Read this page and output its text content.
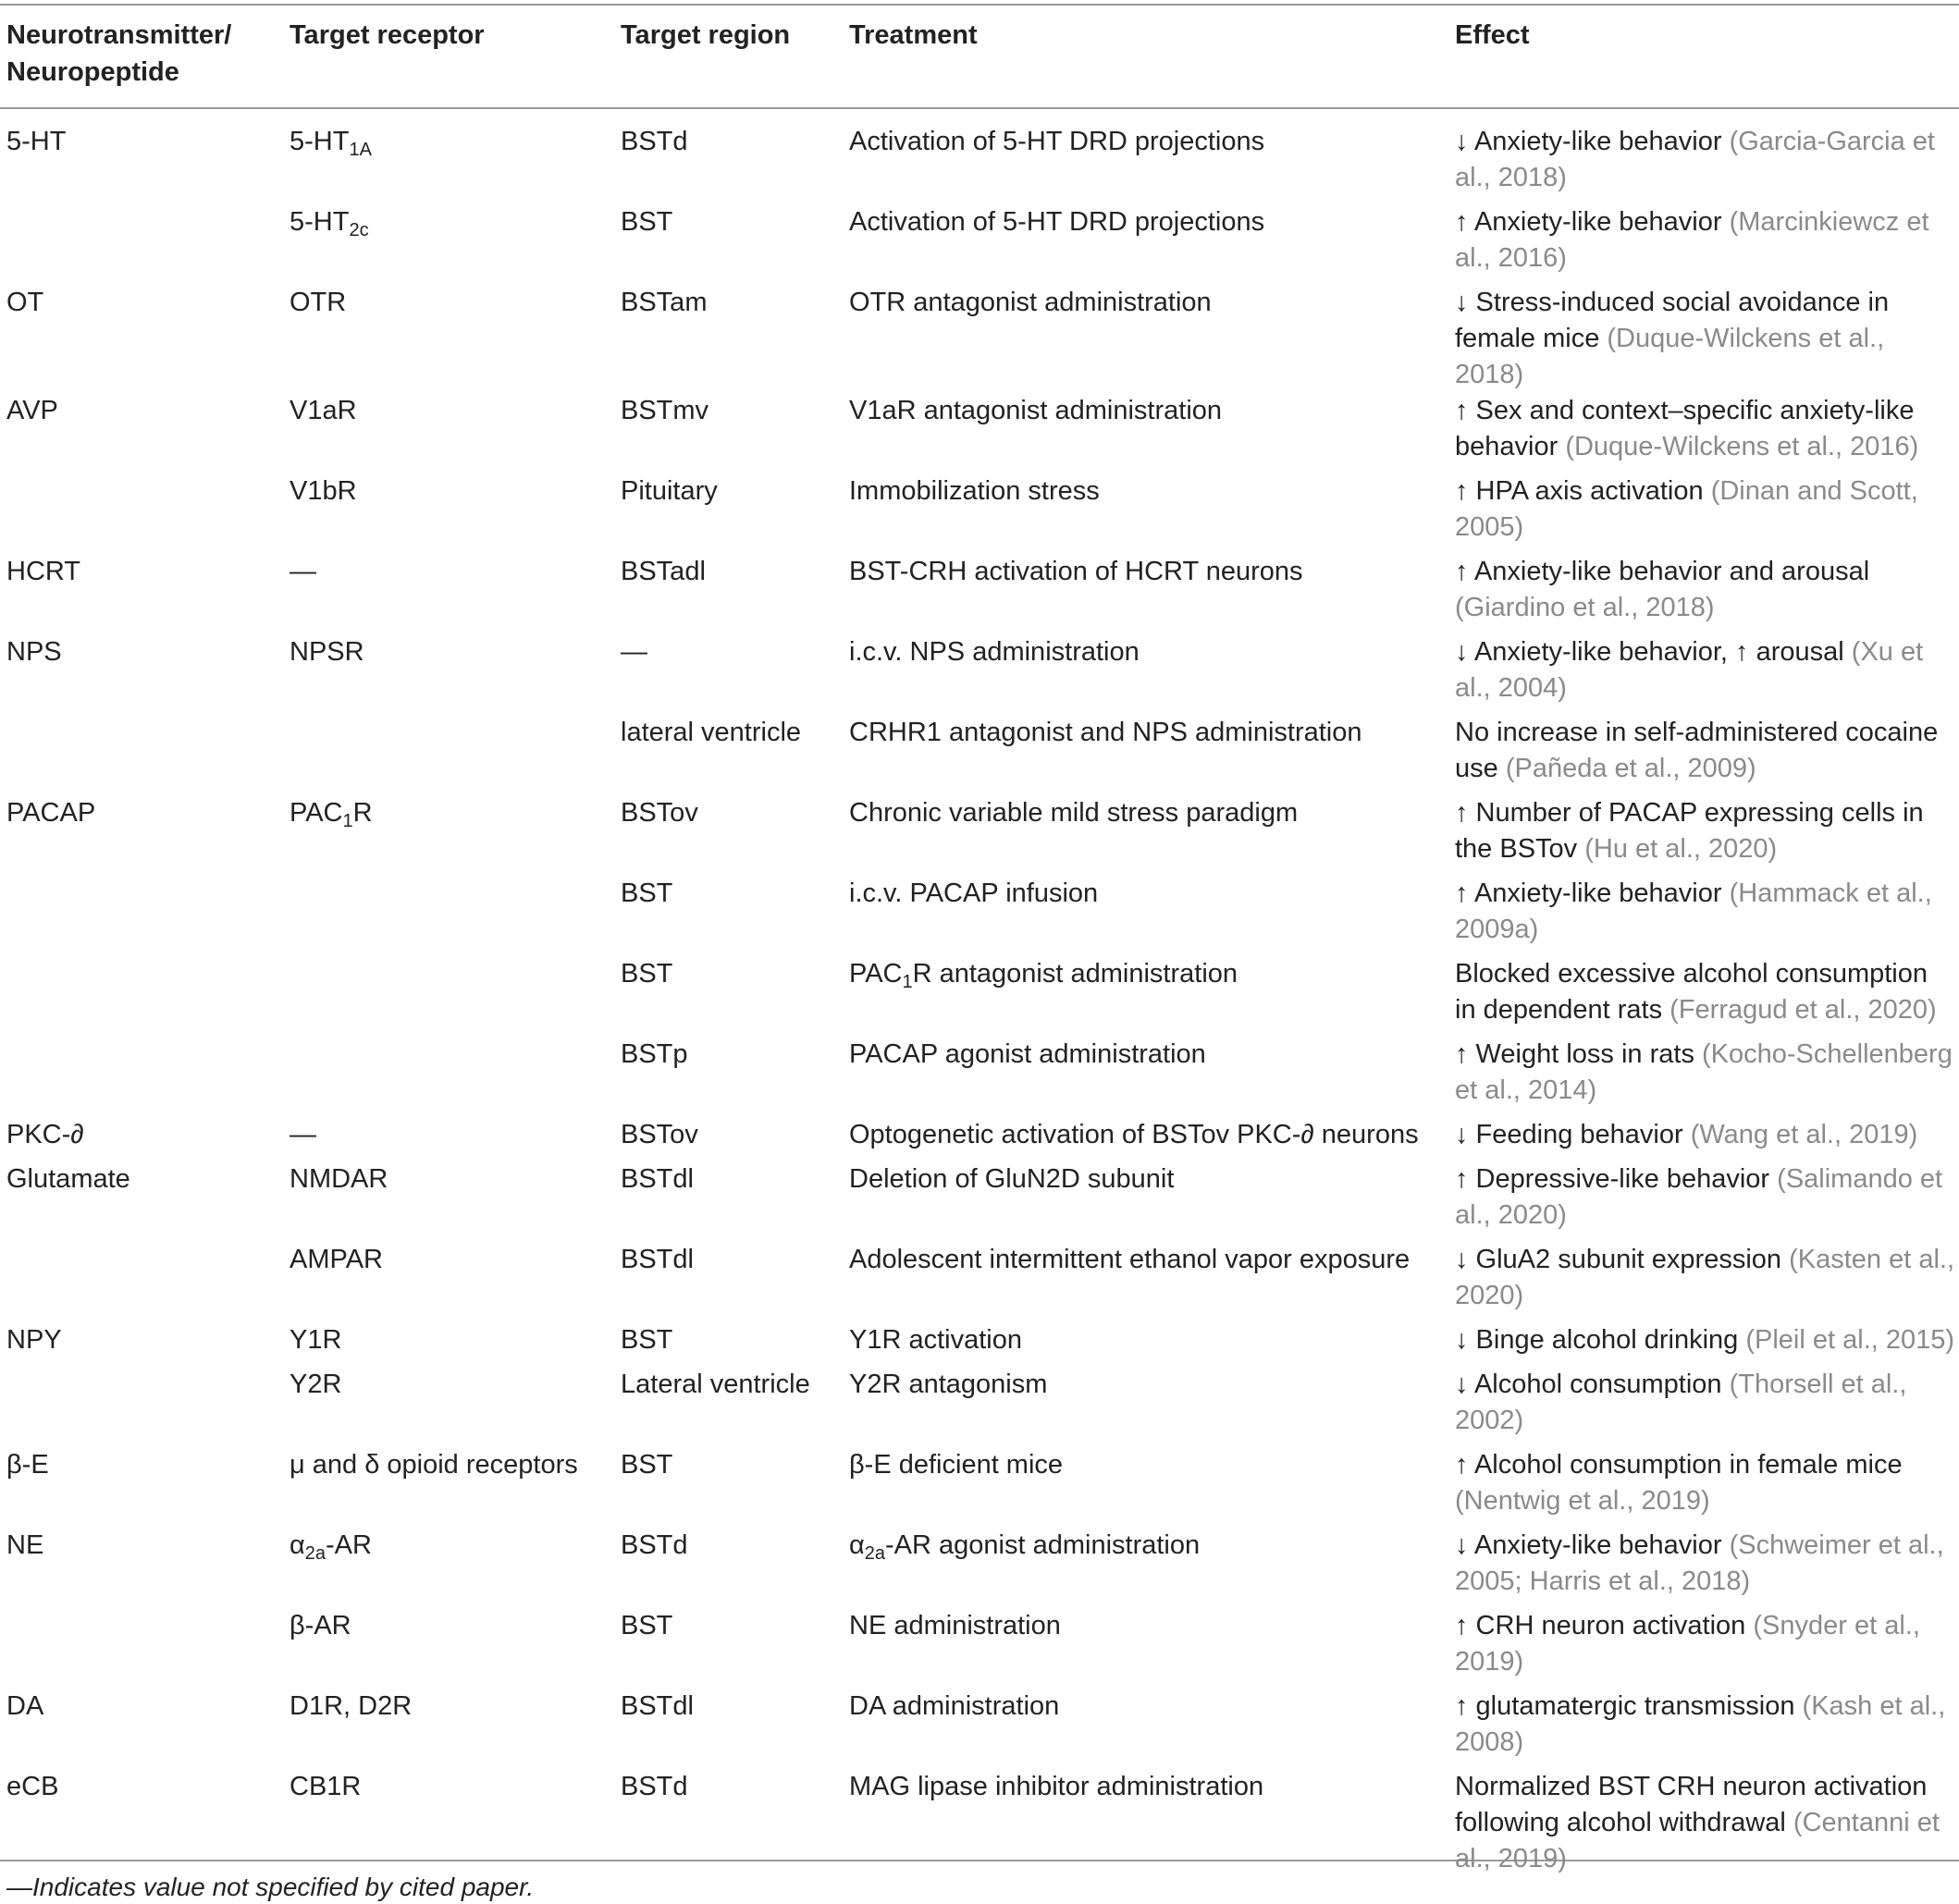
Neurotransmitter/ Neuropeptide	Target receptor	Target region	Treatment	Effect
5-HT	$5-HT_{1A}$	BSTd	Activation of 5-HT DRD projections	↓ Anxiety-like behavior (Garcia-Garcia et al., 2018)
	$5-HT_{2c}$	BST	Activation of 5-HT DRD projections	↑ Anxiety-like behavior (Marcinkiewcz et al., 2016)
OT	OTR	BSTam	OTR antagonist administration	↓ Stress-induced social avoidance in female mice (Duque-Wilckens et al., 2018)
AVP	V1aR	BSTmv	V1aR antagonist administration	↑ Sex and context–specific anxiety-like behavior (Duque-Wilckens et al., 2016)
	V1bR	Pituitary	Immobilization stress	↑ HPA axis activation (Dinan and Scott, 2005)
HCRT	—	BSTadl	BST-CRH activation of HCRT neurons	↑ Anxiety-like behavior and arousal (Giardino et al., 2018)
NPS	NPSR	—	i.c.v. NPS administration	↓ Anxiety-like behavior, ↑ arousal (Xu et al., 2004)
		lateral ventricle	CRHR1 antagonist and NPS administration	No increase in self-administered cocaine use (Pañeda et al., 2009)
PACAP	$PAC_1R$	BSTov	Chronic variable mild stress paradigm	↑ Number of PACAP expressing cells in the BSTov (Hu et al., 2020)
		BST	i.c.v. PACAP infusion	↑ Anxiety-like behavior (Hammack et al., 2009a)
		BST	$PAC_1R$ antagonist administration	Blocked excessive alcohol consumption in dependent rats (Ferragud et al., 2020)
		BSTp	PACAP agonist administration	↑ Weight loss in rats (Kocho-Schellenberg et al., 2014)
PKC-∂	—	BSTov	Optogenetic activation of BSTov PKC-∂ neurons	↓ Feeding behavior (Wang et al., 2019)
Glutamate	NMDAR	BSTdl	Deletion of GluN2D subunit	↑ Depressive-like behavior (Salimando et al., 2020)
	AMPAR	BSTdl	Adolescent intermittent ethanol vapor exposure	↓ GluA2 subunit expression (Kasten et al., 2020)
NPY	Y1R	BST	Y1R activation	↓ Binge alcohol drinking (Pleil et al., 2015)
	Y2R	Lateral ventricle	Y2R antagonism	↓ Alcohol consumption (Thorsell et al., 2002)
β-E	μ and δ opioid receptors	BST	β-E deficient mice	↑ Alcohol consumption in female mice (Nentwig et al., 2019)
NE	$\alpha_{2a}-AR$	BSTd	$\alpha_{2a}-AR$ agonist administration	↓ Anxiety-like behavior (Schweimer et al., 2005; Harris et al., 2018)
	β-AR	BST	NE administration	↑ CRH neuron activation (Snyder et al., 2019)
DA	D1R, D2R	BSTdl	DA administration	↑ glutamatergic transmission (Kash et al., 2008)
eCB	CB1R	BSTd	MAG lipase inhibitor administration	Normalized BST CRH neuron activation following alcohol withdrawal (Centanni et al., 2019)
—Indicates value not specified by cited paper.
